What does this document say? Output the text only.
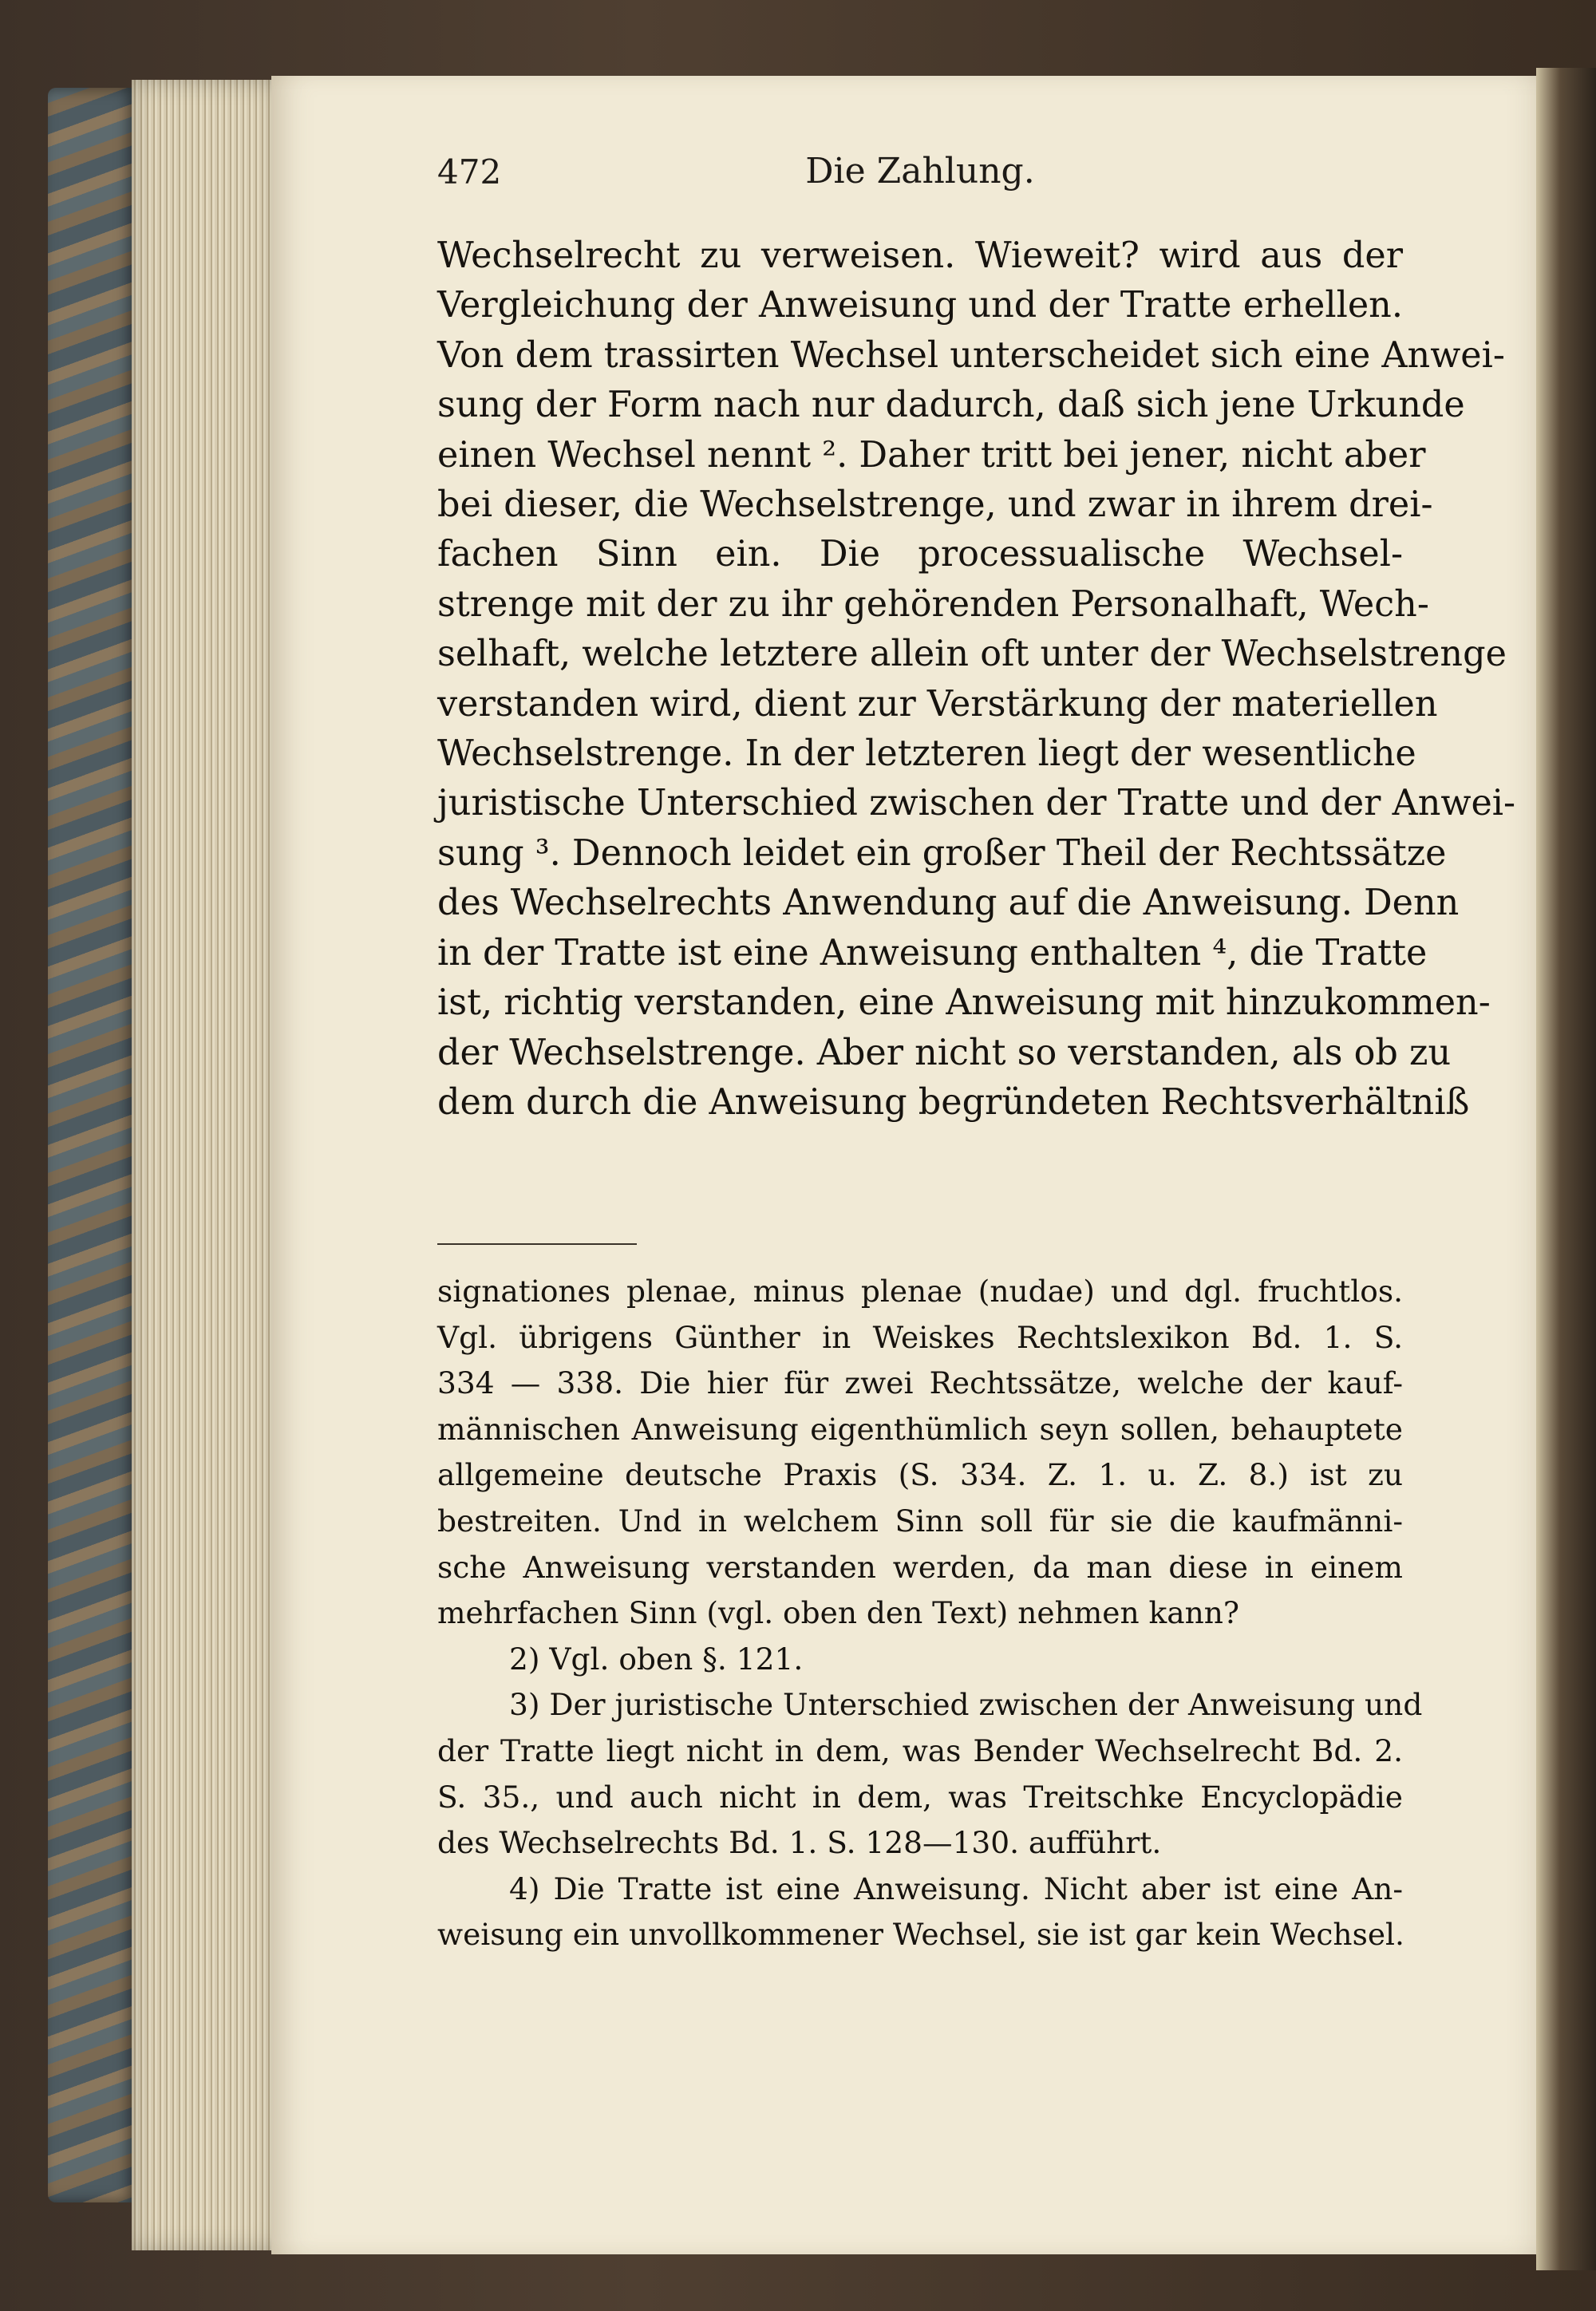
472	Die Zahlung.
Wechselrecht zu verweisen. Wieweit? wird aus der
Vergleichung der Anweisung und der Tratte erhellen.
Von dem trassirten Wechsel unterscheidet sich eine Anwei-
sung der Form nach nur dadurch, daß sich jene Urkunde
einen Wechsel nennt ². Daher tritt bei jener, nicht aber
bei dieser, die Wechselstrenge, und zwar in ihrem drei-
fachen Sinn ein. Die processualische Wechsel-
strenge mit der zu ihr gehörenden Personalhaft, Wech-
selhaft, welche letztere allein oft unter der Wechselstrenge
verstanden wird, dient zur Verstärkung der materiellen
Wechselstrenge. In der letzteren liegt der wesentliche
juristische Unterschied zwischen der Tratte und der Anwei-
sung ³. Dennoch leidet ein großer Theil der Rechtssätze
des Wechselrechts Anwendung auf die Anweisung. Denn
in der Tratte ist eine Anweisung enthalten ⁴, die Tratte
ist, richtig verstanden, eine Anweisung mit hinzukommen-
der Wechselstrenge. Aber nicht so verstanden, als ob zu
dem durch die Anweisung begründeten Rechtsverhältniß
signationes plenae, minus plenae (nudae) und dgl. fruchtlos.
Vgl. übrigens Günther in Weiskes Rechtslexikon Bd. 1. S.
334 — 338. Die hier für zwei Rechtssätze, welche der kauf-
männischen Anweisung eigenthümlich seyn sollen, behauptete
allgemeine deutsche Praxis (S. 334. Z. 1. u. Z. 8.) ist zu
bestreiten. Und in welchem Sinn soll für sie die kaufmänni-
sche Anweisung verstanden werden, da man diese in einem
mehrfachen Sinn (vgl. oben den Text) nehmen kann?
2) Vgl. oben §. 121.
3) Der juristische Unterschied zwischen der Anweisung und
der Tratte liegt nicht in dem, was Bender Wechselrecht Bd. 2.
S. 35., und auch nicht in dem, was Treitschke Encyclopädie
des Wechselrechts Bd. 1. S. 128—130. aufführt.
4) Die Tratte ist eine Anweisung. Nicht aber ist eine An-
weisung ein unvollkommener Wechsel, sie ist gar kein Wechsel.
